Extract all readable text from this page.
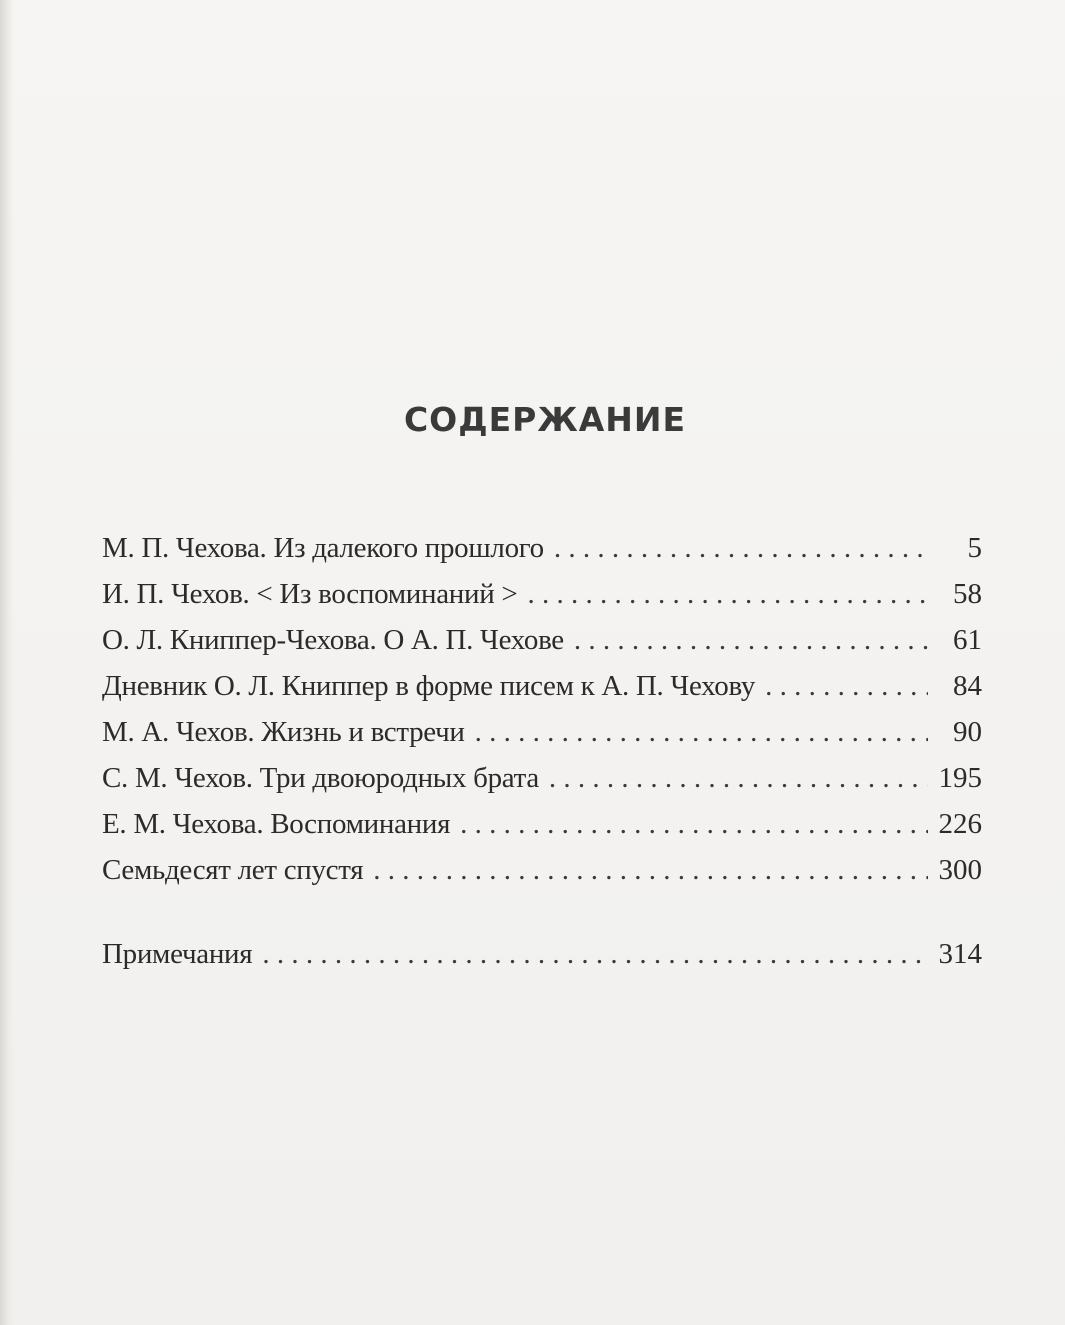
СОДЕРЖАНИЕ
М. П. Чехова. Из далекого прошлого . . .	5
И. П. Чехов. < Из воспоминаний > . . .	58
О. Л. Книппер-Чехова. О А. П. Чехове . . .	61
Дневник О. Л. Книппер в форме писем к А. П. Чехову . . .	84
М. А. Чехов. Жизнь и встречи . . .	90
С. М. Чехов. Три двоюродных брата . . .	195
Е. М. Чехова. Воспоминания . . .	226
Семьдесят лет спустя . . .	300
Примечания . . .	314
